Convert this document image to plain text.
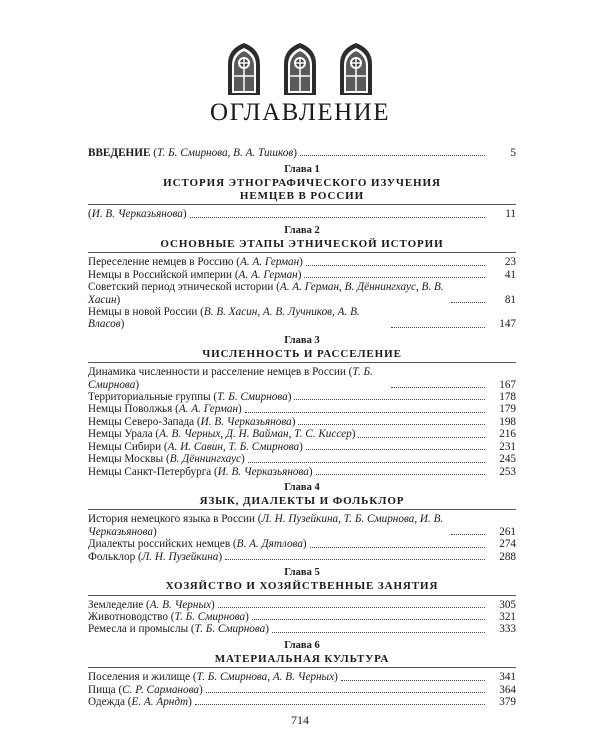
ОГЛАВЛЕНИЕ
ВВЕДЕНИЕ (Т. Б. Смирнова, В. А. Тишков)	5
Глава 1
ИСТОРИЯ ЭТНОГРАФИЧЕСКОГО ИЗУЧЕНИЯ
НЕМЦЕВ В РОССИИ
(И. В. Черказьянова)	11
Глава 2
ОСНОВНЫЕ ЭТАПЫ ЭТНИЧЕСКОЙ ИСТОРИИ
Переселение немцев в Россию (А. А. Герман)	23
Немцы в Российской империи (А. А. Герман)	41
Советский период этнической истории (А. А. Герман, В. Дённингхаус, В. В. Хасин)	81
Немцы в новой России (В. В. Хасин, А. В. Лучников, А. В. Власов)	147
Глава 3
ЧИСЛЕННОСТЬ И РАССЕЛЕНИЕ
Динамика численности и расселение немцев в России (Т. Б. Смирнова)	167
Территориальные группы (Т. Б. Смирнова)	178
Немцы Поволжья (А. А. Герман)	179
Немцы Северо-Запада (И. В. Черказьянова)	198
Немцы Урала (А. В. Черных, Д. Н. Вайман, Т. С. Киссер)	216
Немцы Сибири (А. И. Савин, Т. Б. Смирнова)	231
Немцы Москвы (В. Дённингхаус)	245
Немцы Санкт-Петербурга (И. В. Черказьянова)	253
Глава 4
ЯЗЫК, ДИАЛЕКТЫ И ФОЛЬКЛОР
История немецкого языка в России (Л. Н. Пузейкина, Т. Б. Смирнова, И. В. Черказьянова)	261
Диалекты российских немцев (В. А. Дятлова)	274
Фольклор (Л. Н. Пузейкина)	288
Глава 5
ХОЗЯЙСТВО И ХОЗЯЙСТВЕННЫЕ ЗАНЯТИЯ
Земледелие (А. В. Черных)	305
Животноводство (Т. Б. Смирнова)	321
Ремесла и промыслы (Т. Б. Смирнова)	333
Глава 6
МАТЕРИАЛЬНАЯ КУЛЬТУРА
Поселения и жилище (Т. Б. Смирнова, А. В. Черных)	341
Пища (С. Р. Сарманова)	364
Одежда (Е. А. Арндт)	379
714
